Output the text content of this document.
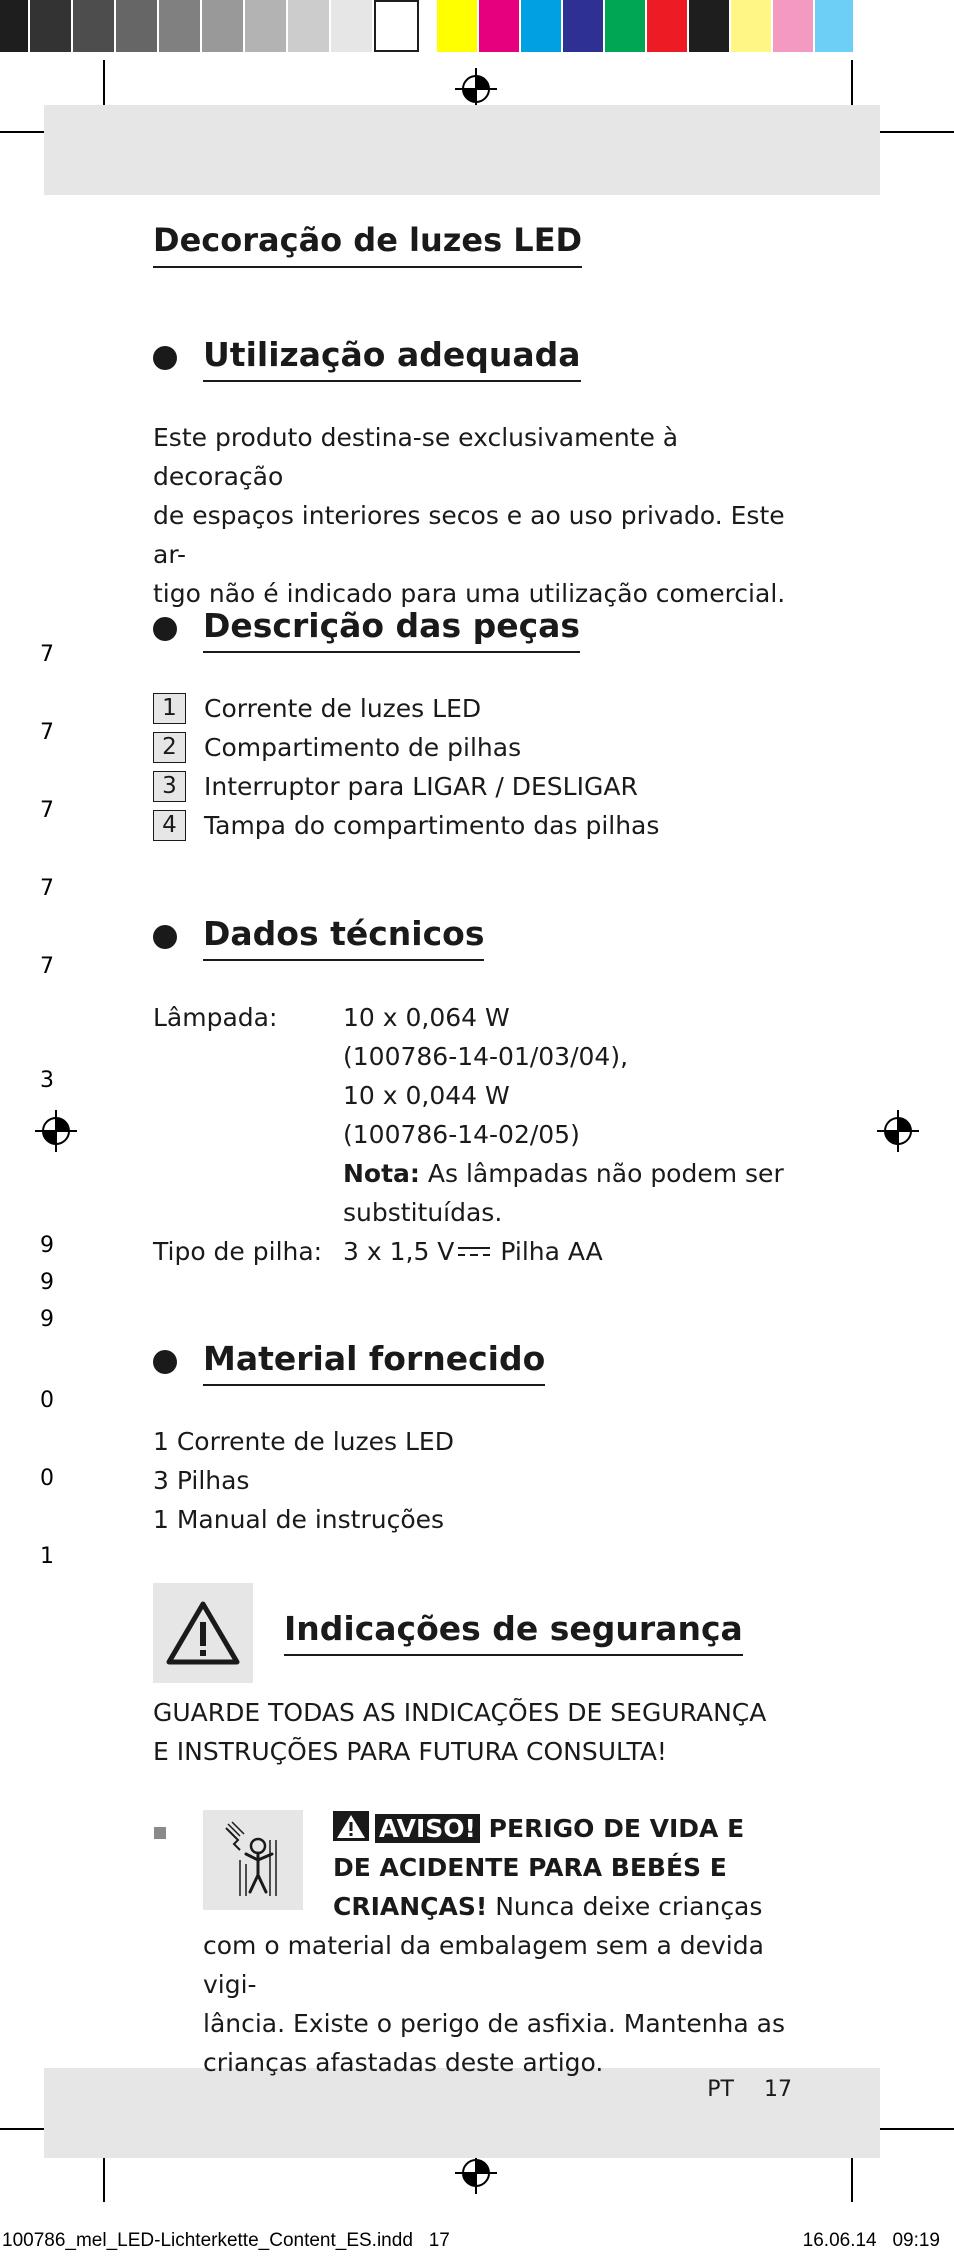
7
7
7
7
7
3
9
9
9
0
0
1
Decoração de luzes LED
Utilização adequada
Este produto destina-se exclusivamente à decoração
de espaços interiores secos e ao uso privado. Este ar-
tigo não é indicado para uma utilização comercial.
Descrição das peças
1	Corrente de luzes LED
2	Compartimento de pilhas
3	Interruptor para LIGAR / DESLIGAR
4	Tampa do compartimento das pilhas
Dados técnicos
Lâmpada:	10 x 0,064 W
(100786-14-01/03/04),
10 x 0,044 W
(100786-14-02/05)
Nota: As lâmpadas não podem ser
substituídas.
Tipo de pilha: 3 x 1,5 V Pilha AA
Material fornecido
1 Corrente de luzes LED
3 Pilhas
1 Manual de instruções
Indicações de segurança
GUARDE TODAS AS INDICAÇÕES DE SEGURANÇA
E INSTRUÇÕES PARA FUTURA CONSULTA!
AVISO! PERIGO DE VIDA E
DE ACIDENTE PARA BEBÉS E
CRIANÇAS! Nunca deixe crianças
com o material da embalagem sem a devida vigi-
lância. Existe o perigo de asfixia. Mantenha as
crianças afastadas deste artigo.
PT 17
100786_mel_LED-Lichterkette_Content_ES.indd   17	16.06.14   09:19
